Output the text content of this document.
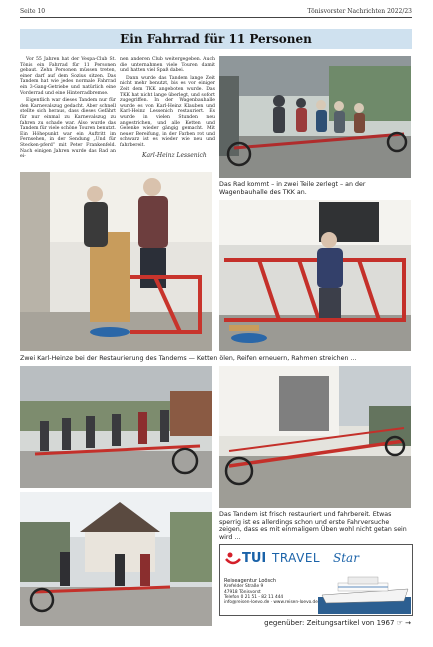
Seite 10	Tönisvorster Nachrichten 2022/23
Ein Fahrrad für 11 Personen

Vor 55 Jahren hat der Vespa-Club St. Tönis ein Fahrrad für 11 Personen gebaut. Zehn Personen müssen treten, einer darf auf dem Sozius sitzen. Das Tandem hat wie jedes normale Fahrrad ein 3-Gang-Getriebe und natürlich eine Vorderrad und eine Hinterradbremse.

Eigentlich war dieses Tandem nur für den Karnevalszug gedacht. Aber schnell stellte sich heraus, dass dieses Gefährt für nur einmal zu Karnevalszug zu fahren zu schade war. Also wurde das Tandem für viele schöne Touren benutzt. Ein Höhepunkt war ein Auftritt im Fernsehen, in der Sendung „Und für Stecken-pferd“ mit Peter Frankenfeld. Nach einigen Jahren wurde das Rad an ei-

nen anderen Club weitergegeben. Auch die unternahmen viele Touren damit und hatten viel Spaß dabei.

Dann wurde das Tandem lange Zeit nicht mehr benutzt, bis es vor einiger Zeit dem TKK angeboten wurde. Das TKK hat nicht lange überlegt, und sofort zugegriffen. In der Wagenbauhalle wurde es von Karl-Heinz Klauben und Karl-Heinz Lessenich restauriert. Es wurde in vielen Stunden neu angestrichen, und alle Ketten und Gelenke wieder gängig gemacht. Mit neuer Bereifung, in der Farben rot und schwarz ist es wieder wie neu und fahrbereit.

Karl-Heinz Lessenich
Das Rad kommt – in zwei Teile zerlegt – an der Wagenbauhalle des TKK an.
Zwei Karl-Heinze bei der Restaurierung des Tandems — Ketten ölen, Reifen erneuern, Rahmen streichen ...
Das Tandem ist frisch restauriert und fahrbereit. Etwas sperrig ist es allerdings schon und erste Fahrversuche zeigen, dass es mit einmaligem Üben wohl nicht getan sein wird ...
TUI TRAVEL Star
Reiseagentur Loösch
Krefelder Straße 9
47918 Tönisvorst
Telefon 0 21 51 - 82 11 444
info@reisen-loevo.de · www.reisen-loevo.de
gegenüber: Zeitungsartikel von 1967 ☞ →
